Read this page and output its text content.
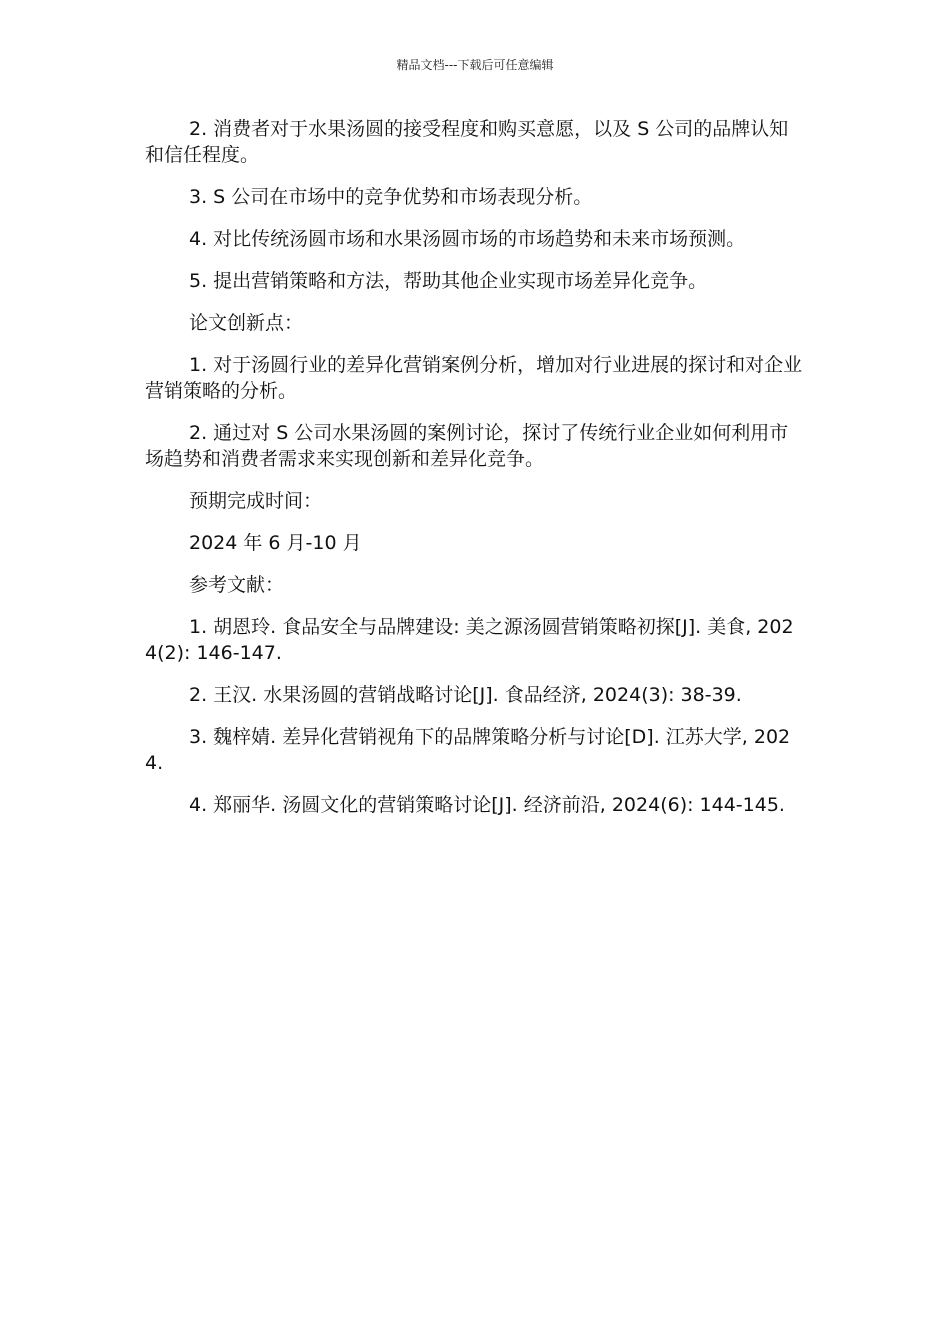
精品文档---下载后可任意编辑

2. 消费者对于水果汤圆的接受程度和购买意愿，以及 S 公司的品牌认知和信任程度。

3. S 公司在市场中的竞争优势和市场表现分析。

4. 对比传统汤圆市场和水果汤圆市场的市场趋势和未来市场预测。

5. 提出营销策略和方法，帮助其他企业实现市场差异化竞争。

论文创新点：

1. 对于汤圆行业的差异化营销案例分析，增加对行业进展的探讨和对企业营销策略的分析。

2. 通过对 S 公司水果汤圆的案例讨论，探讨了传统行业企业如何利用市场趋势和消费者需求来实现创新和差异化竞争。

预期完成时间：

2024 年 6 月-10 月

参考文献：

1. 胡恩玲. 食品安全与品牌建设: 美之源汤圆营销策略初探[J]. 美食, 2024(2): 146-147.

2. 王汉. 水果汤圆的营销战略讨论[J]. 食品经济, 2024(3): 38-39.

3. 魏梓婧. 差异化营销视角下的品牌策略分析与讨论[D]. 江苏大学, 2024.

4. 郑丽华. 汤圆文化的营销策略讨论[J]. 经济前沿, 2024(6): 144-145.
